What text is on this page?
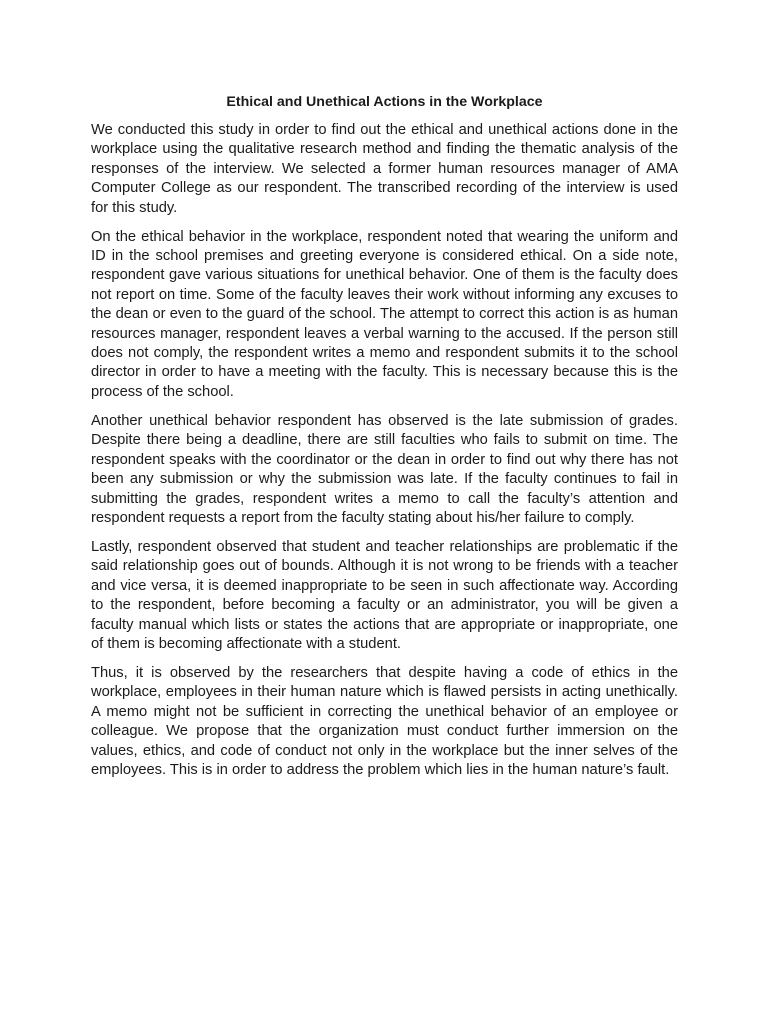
Ethical and Unethical Actions in the Workplace

We conducted this study in order to find out the ethical and unethical actions done in the workplace using the qualitative research method and finding the thematic analysis of the responses of the interview. We selected a former human resources manager of AMA Computer College as our respondent. The transcribed recording of the interview is used for this study.

On the ethical behavior in the workplace, respondent noted that wearing the uniform and ID in the school premises and greeting everyone is considered ethical. On a side note, respondent gave various situations for unethical behavior. One of them is the faculty does not report on time. Some of the faculty leaves their work without informing any excuses to the dean or even to the guard of the school. The attempt to correct this action is as human resources manager, respondent leaves a verbal warning to the accused. If the person still does not comply, the respondent writes a memo and respondent submits it to the school director in order to have a meeting with the faculty. This is necessary because this is the process of the school.

Another unethical behavior respondent has observed is the late submission of grades. Despite there being a deadline, there are still faculties who fails to submit on time. The respondent speaks with the coordinator or the dean in order to find out why there has not been any submission or why the submission was late. If the faculty continues to fail in submitting the grades, respondent writes a memo to call the faculty’s attention and respondent requests a report from the faculty stating about his/her failure to comply.

Lastly, respondent observed that student and teacher relationships are problematic if the said relationship goes out of bounds. Although it is not wrong to be friends with a teacher and vice versa, it is deemed inappropriate to be seen in such affectionate way. According to the respondent, before becoming a faculty or an administrator, you will be given a faculty manual which lists or states the actions that are appropriate or inappropriate, one of them is becoming affectionate with a student.

Thus, it is observed by the researchers that despite having a code of ethics in the workplace, employees in their human nature which is flawed persists in acting unethically. A memo might not be sufficient in correcting the unethical behavior of an employee or colleague. We propose that the organization must conduct further immersion on the values, ethics, and code of conduct not only in the workplace but the inner selves of the employees. This is in order to address the problem which lies in the human nature’s fault.
